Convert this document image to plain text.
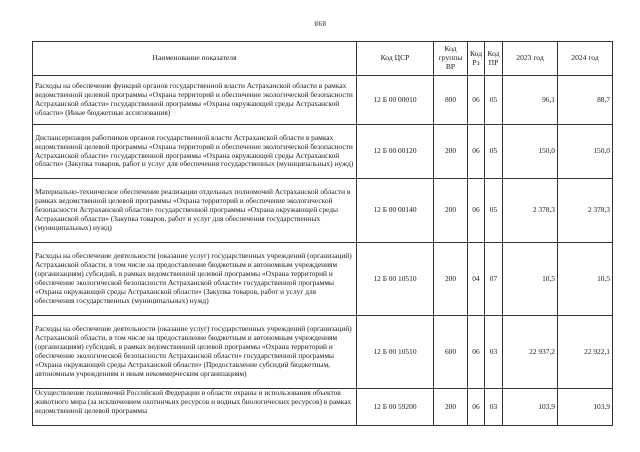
898
Наименование показателя	Код ЦСР	Код группы ВР	Код Рз	Код ПР	2023 год	2024 год
Расходы на обеспечение функций органов государственной власти Астраханской области в рамках ведомственной целевой программы «Охрана территорий и обеспечение экологической безопасности Астраханской области» государственной программы «Охрана окружающей среды Астраханской области» (Иные бюджетные ассигнования)	12 Б 00 00010	800	06	05	96,1	88,7
Диспансеризация работников органов государственной власти Астраханской области в рамках ведомственной целевой программы «Охрана территорий и обеспечение экологической безопасности Астраханской области» государственной программы «Охрана окружающей среды Астраханской области» (Закупка товаров, работ и услуг для обеспечения государственных (муниципальных) нужд)	12 Б 00 00120	200	06	05	150,0	150,0
Материально-техническое обеспечение реализации отдельных полномочий Астраханской области в рамках ведомственной целевой программы «Охрана территорий и обеспечение экологической безопасности Астраханской области» государственной программы «Охрана окружающей среды Астраханской области» (Закупка товаров, работ и услуг для обеспечения государственных (муниципальных) нужд)	12 Б 00 00140	200	06	05	2 378,3	2 378,3
Расходы на обеспечение деятельности (оказание услуг) государственных учреждений (организаций) Астраханской области, в том числе на предоставление бюджетным и автономным учреждениям (организациям) субсидий, в рамках ведомственной целевой программы «Охрана территорий и обеспечение экологической безопасности Астраханской области» государственной программы «Охрана окружающей среды Астраханской области» (Закупка товаров, работ и услуг для обеспечения государственных (муниципальных) нужд)	12 Б 00 10510	200	04	07	10,5	10,5
Расходы на обеспечение деятельности (оказание услуг) государственных учреждений (организаций) Астраханской области, в том числе на предоставление бюджетным и автономным учреждениям (организациям) субсидий, в рамках ведомственной целевой программы «Охрана территорий и обеспечение экологической безопасности Астраханской области» государственной программы «Охрана окружающей среды Астраханской области» (Предоставление субсидий бюджетным, автономным учреждениям и иным некоммерческим организациям)	12 Б 00 10510	600	06	03	22 937,2	22 922,1
Осуществление полномочий Российской Федерации в области охраны и использования объектов животного мира (за исключением охотничьих ресурсов и водных биологических ресурсов) в рамках ведомственной целевой программы	12 Б 00 59200	200	06	03	103,9	103,9
